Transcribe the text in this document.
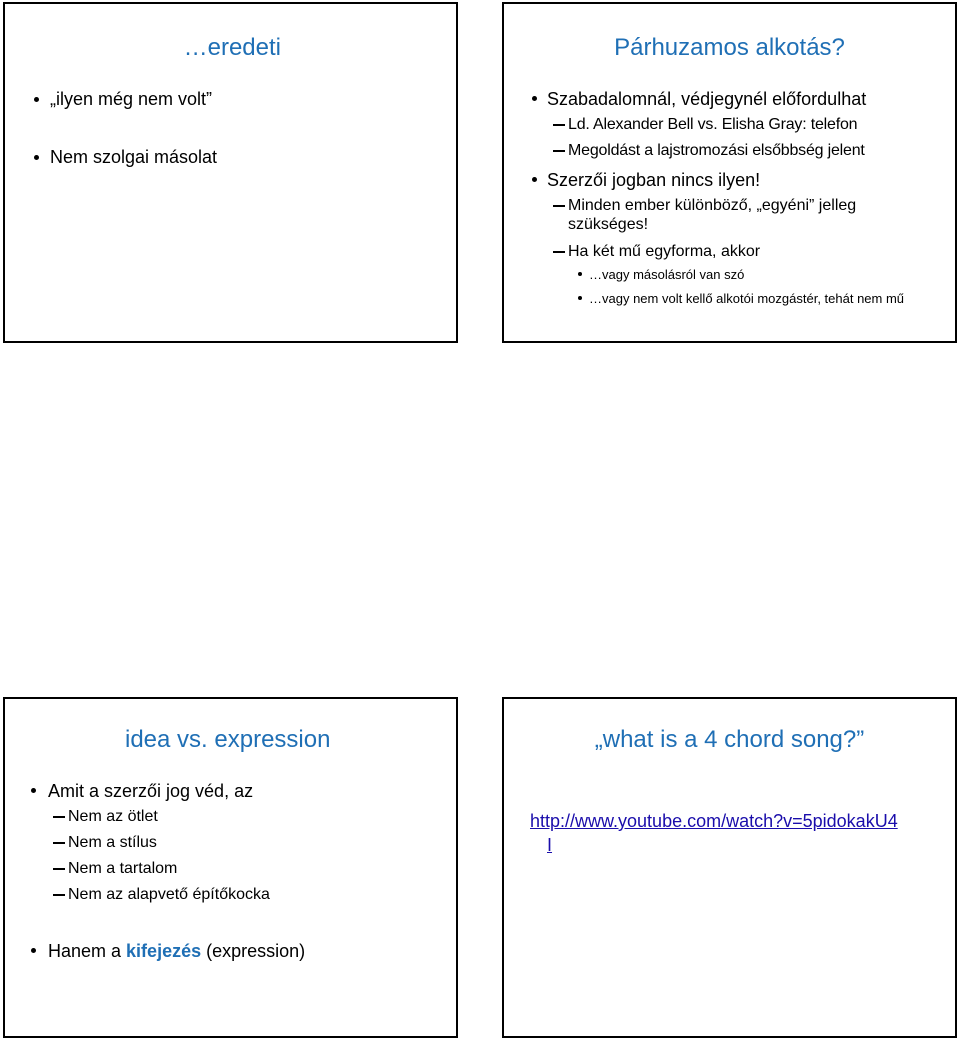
…eredeti
„ilyen még nem volt”
Nem szolgai másolat
Párhuzamos alkotás?
Szabadalomnál, védjegynél előfordulhat
Ld. Alexander Bell vs. Elisha Gray: telefon
Megoldást a lajstromozási elsőbbség jelent
Szerzői jogban nincs ilyen!
Minden ember különböző, „egyéni” jelleg
szükséges!
Ha két mű egyforma, akkor
…vagy másolásról van szó
…vagy nem volt kellő alkotói mozgástér, tehát nem mű
idea vs. expression
Amit a szerzői jog véd, az
Nem az ötlet
Nem a stílus
Nem a tartalom
Nem az alapvető építőkocka
Hanem a kifejezés (expression)
„what is a 4 chord song?”
http://www.youtube.com/watch?v=5pidokakU4
I
